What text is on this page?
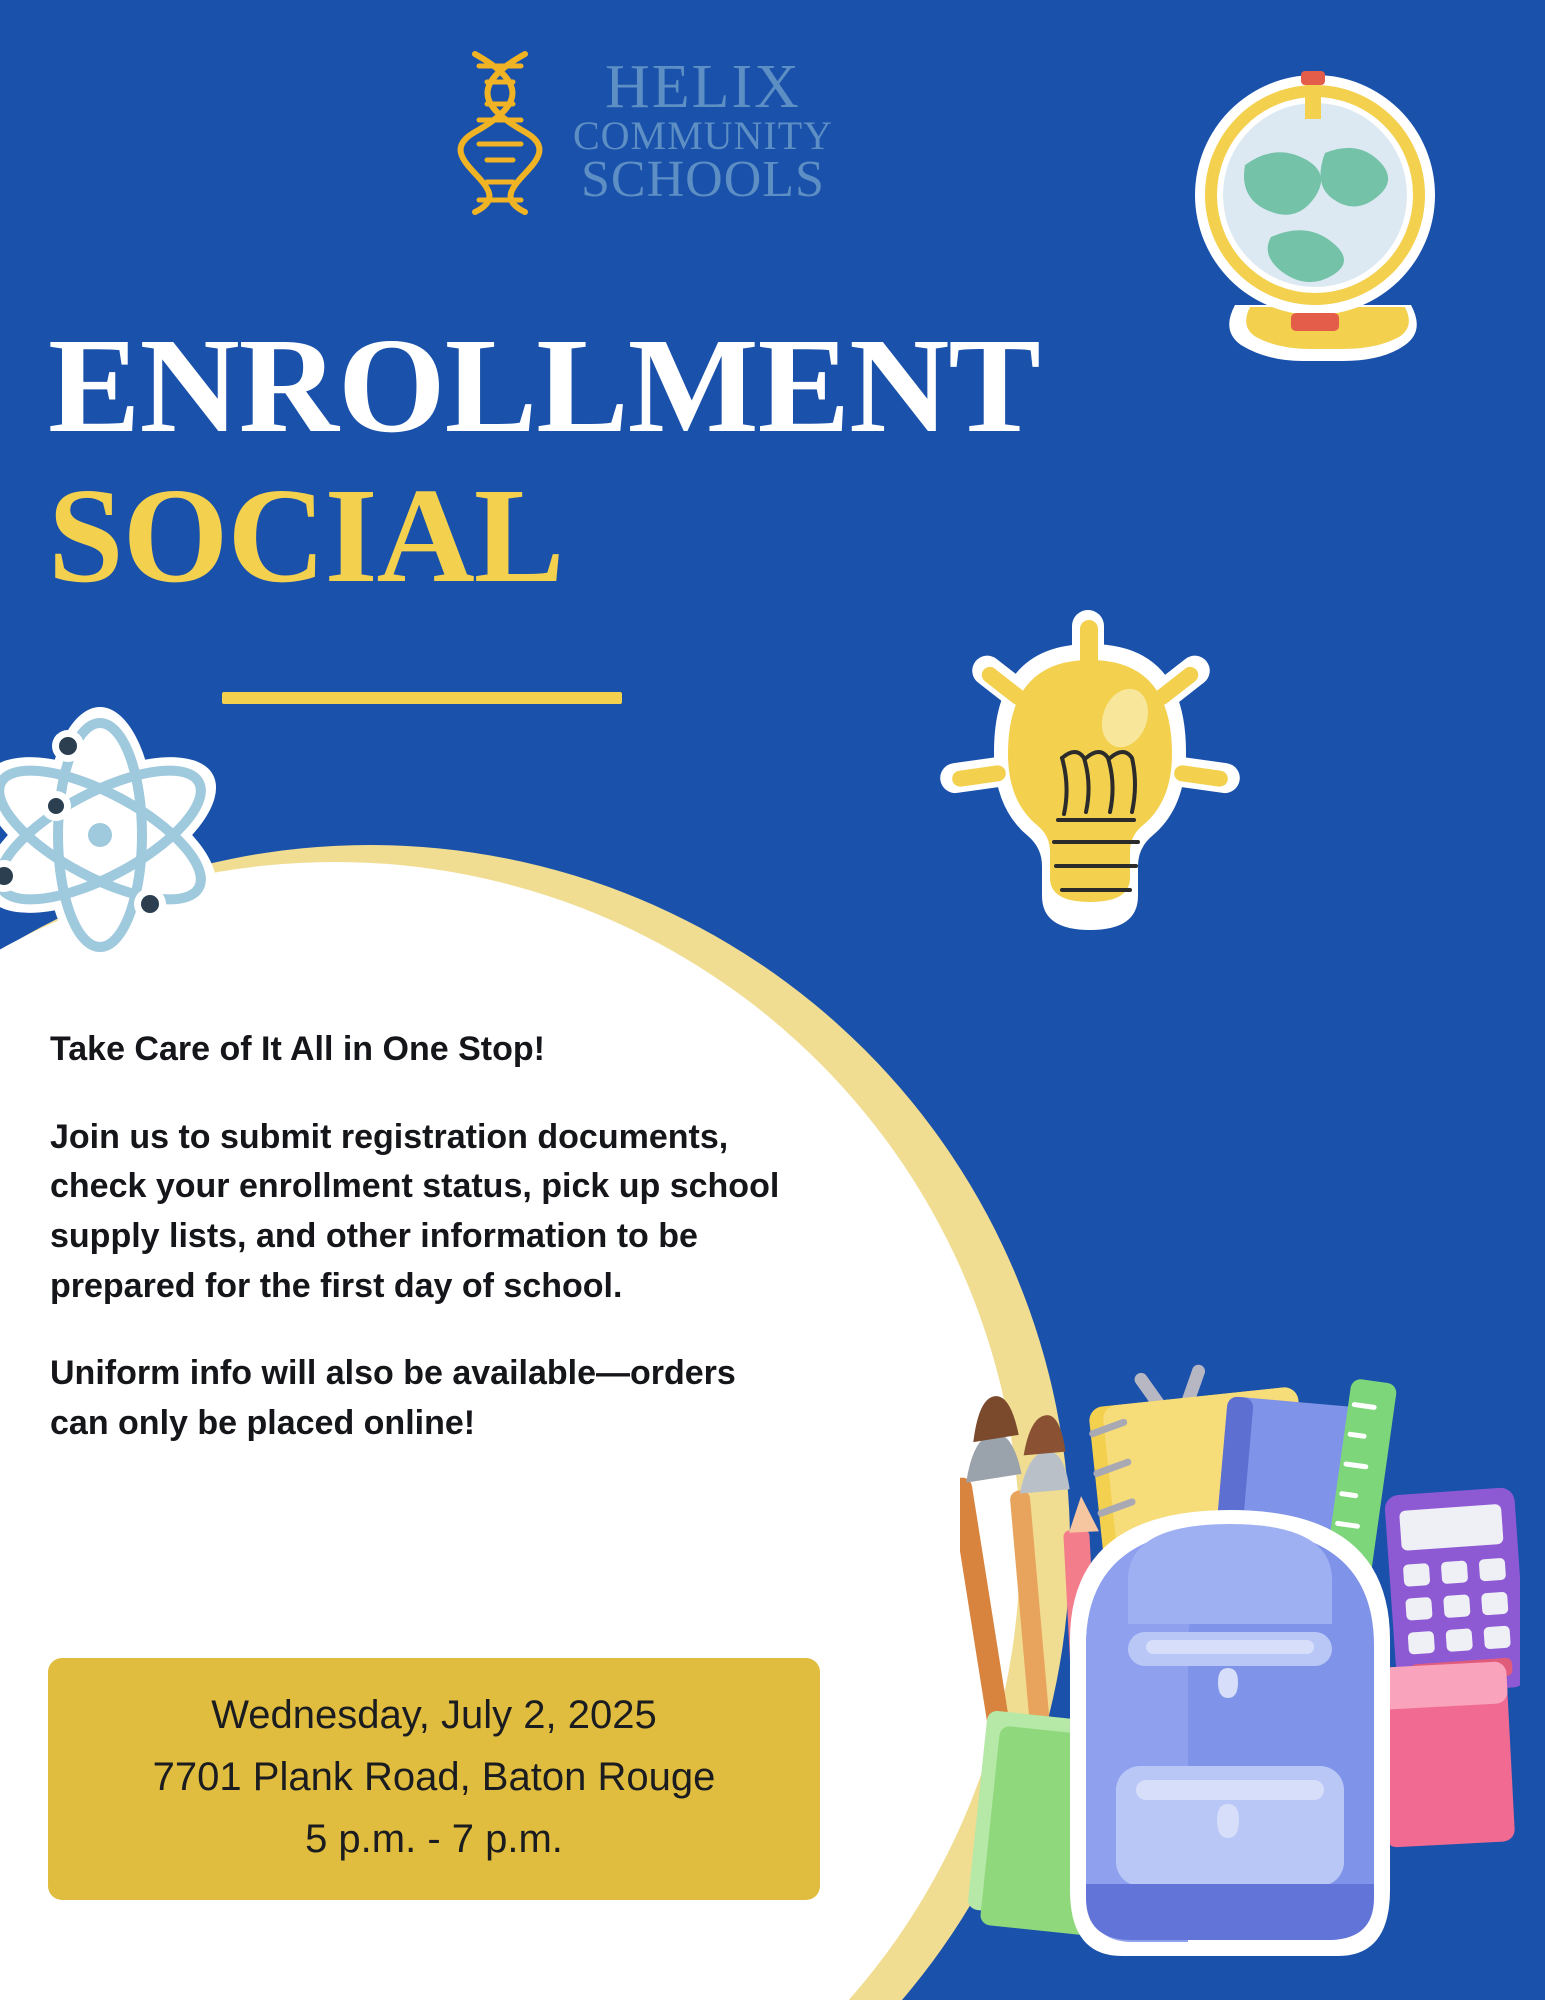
HELIX
COMMUNITY
SCHOOLS
ENROLLMENT
SOCIAL

Take Care of It All in One Stop!

Join us to submit registration documents, check your enrollment status, pick up school supply lists, and other information to be prepared for the first day of school.

Uniform info will also be available—orders can only be placed online!

Wednesday, July 2, 2025
7701 Plank Road, Baton Rouge
5 p.m. - 7 p.m.
